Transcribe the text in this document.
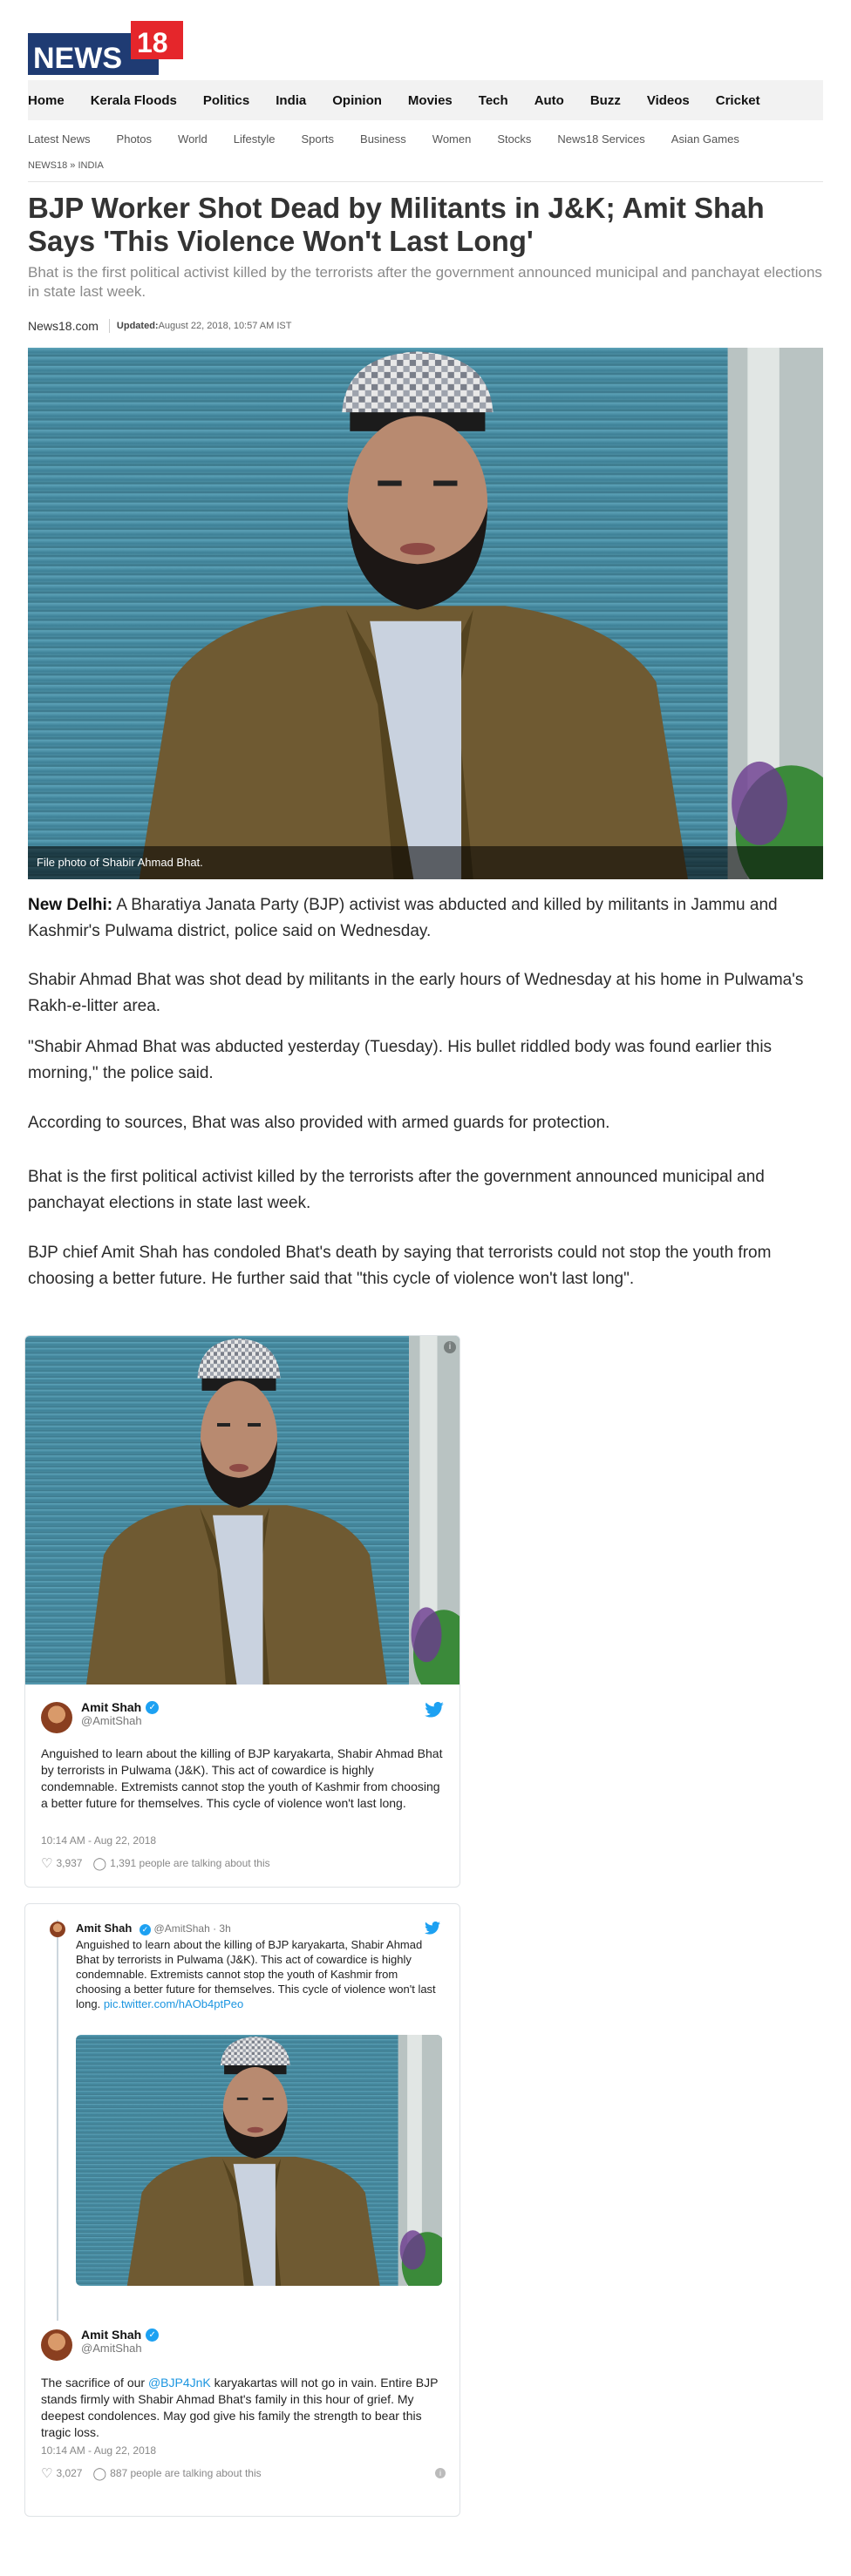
NEWS 18
Home Kerala Floods Politics India Opinion Movies Tech Auto Buzz Videos Cricket
Latest News Photos World Lifestyle Sports Business Women Stocks News18 Services Asian Games
NEWS18 » INDIA
BJP Worker Shot Dead by Militants in J&K; Amit Shah Says 'This Violence Won't Last Long'

Bhat is the first political activist killed by the terrorists after the government announced municipal and panchayat elections in state last week.

News18.com Updated:August 22, 2018, 10:57 AM IST
File photo of Shabir Ahmad Bhat.

New Delhi: A Bharatiya Janata Party (BJP) activist was abducted and killed by militants in Jammu and Kashmir's Pulwama district, police said on Wednesday.

Shabir Ahmad Bhat was shot dead by militants in the early hours of Wednesday at his home in Pulwama's Rakh-e-litter area.

"Shabir Ahmad Bhat was abducted yesterday (Tuesday). His bullet riddled body was found earlier this morning," the police said.

According to sources, Bhat was also provided with armed guards for protection.

Bhat is the first political activist killed by the terrorists after the government announced municipal and panchayat elections in state last week.

BJP chief Amit Shah has condoled Bhat's death by saying that terrorists could not stop the youth from choosing a better future. He further said that "this cycle of violence won't last long".

i
Amit Shah ✓
@AmitShah
Anguished to learn about the killing of BJP karyakarta, Shabir Ahmad Bhat by terrorists in Pulwama (J&K). This act of cowardice is highly condemnable. Extremists cannot stop the youth of Kashmir from choosing a better future for themselves. This cycle of violence won't last long.
10:14 AM - Aug 22, 2018
♡ 3,937 ◯ 1,391 people are talking about this
Amit Shah ✓ @AmitShah · 3h
Anguished to learn about the killing of BJP karyakarta, Shabir Ahmad Bhat by terrorists in Pulwama (J&K). This act of cowardice is highly condemnable. Extremists cannot stop the youth of Kashmir from choosing a better future for themselves. This cycle of violence won't last long. pic.twitter.com/hAOb4ptPeo
Amit Shah ✓
@AmitShah
The sacrifice of our @BJP4JnK karyakartas will not go in vain. Entire BJP stands firmly with Shabir Ahmad Bhat's family in this hour of grief. My deepest condolences. May god give his family the strength to bear this tragic loss.
10:14 AM - Aug 22, 2018
♡ 3,027 ◯ 887 people are talking about this	i
